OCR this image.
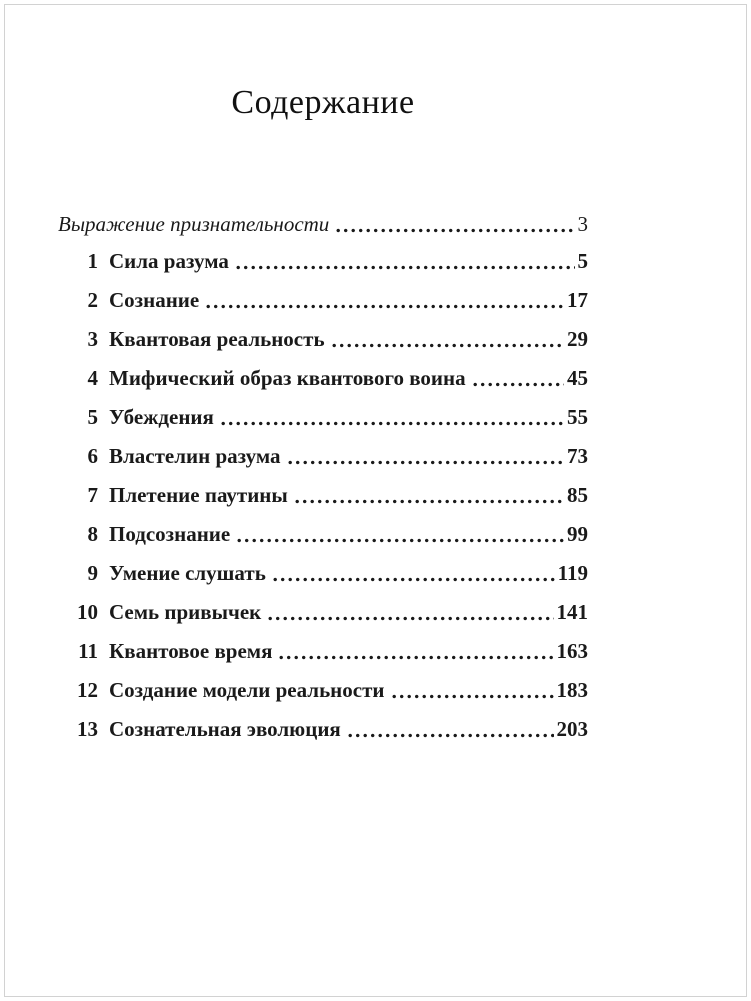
Содержание
Выражение признательности	3
1 Сила разума	5
2 Сознание	17
3 Квантовая реальность	29
4 Мифический образ квантового воина	45
5 Убеждения	55
6 Властелин разума	73
7 Плетение паутины	85
8 Подсознание	99
9 Умение слушать	119
10 Семь привычек	141
11 Квантовое время	163
12 Создание модели реальности	183
13 Сознательная эволюция	203
